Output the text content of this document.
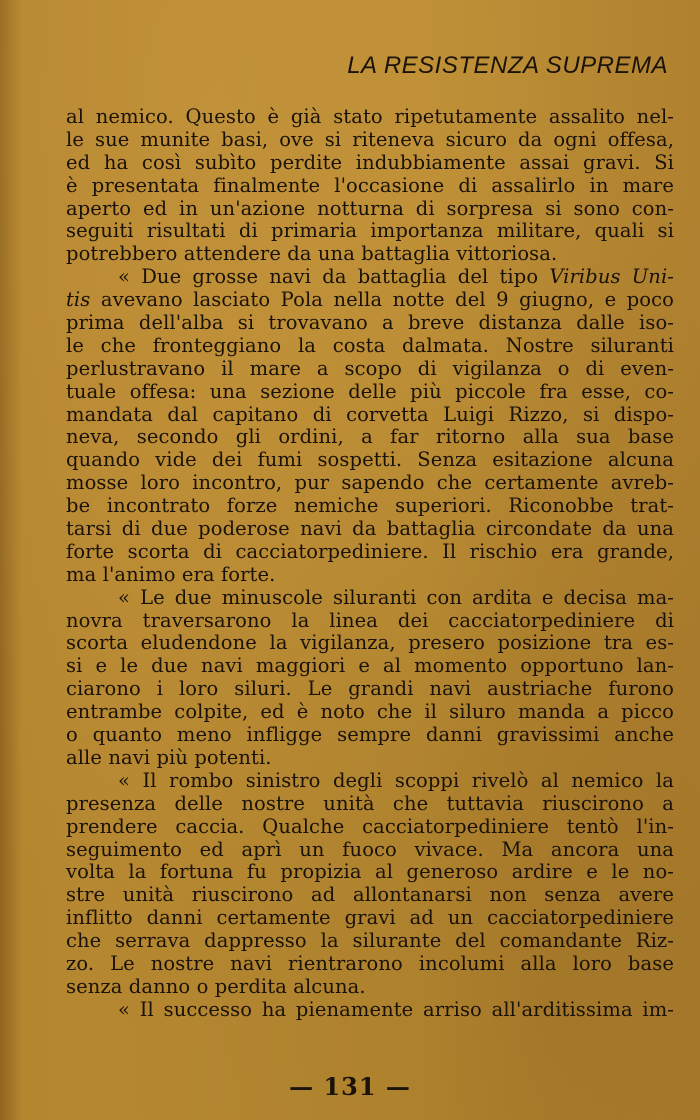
LA RESISTENZA SUPREMA
al nemico. Questo è già stato ripetutamente assalito nel-
le sue munite basi, ove si riteneva sicuro da ogni offesa,
ed ha così subìto perdite indubbiamente assai gravi. Si
è presentata finalmente l'occasione di assalirlo in mare
aperto ed in un'azione notturna di sorpresa si sono con-
seguiti risultati di primaria importanza militare, quali si
potrebbero attendere da una battaglia vittoriosa.
« Due grosse navi da battaglia del tipo Viribus Uni-
tis avevano lasciato Pola nella notte del 9 giugno, e poco
prima dell'alba si trovavano a breve distanza dalle iso-
le che fronteggiano la costa dalmata. Nostre siluranti
perlustravano il mare a scopo di vigilanza o di even-
tuale offesa: una sezione delle più piccole fra esse, co-
mandata dal capitano di corvetta Luigi Rizzo, si dispo-
neva, secondo gli ordini, a far ritorno alla sua base
quando vide dei fumi sospetti. Senza esitazione alcuna
mosse loro incontro, pur sapendo che certamente avreb-
be incontrato forze nemiche superiori. Riconobbe trat-
tarsi di due poderose navi da battaglia circondate da una
forte scorta di cacciatorpediniere. Il rischio era grande,
ma l'animo era forte.
« Le due minuscole siluranti con ardita e decisa ma-
novra traversarono la linea dei cacciatorpediniere di
scorta eludendone la vigilanza, presero posizione tra es-
si e le due navi maggiori e al momento opportuno lan-
ciarono i loro siluri. Le grandi navi austriache furono
entrambe colpite, ed è noto che il siluro manda a picco
o quanto meno infligge sempre danni gravissimi anche
alle navi più potenti.
« Il rombo sinistro degli scoppi rivelò al nemico la
presenza delle nostre unità che tuttavia riuscirono a
prendere caccia. Qualche cacciatorpediniere tentò l'in-
seguimento ed aprì un fuoco vivace. Ma ancora una
volta la fortuna fu propizia al generoso ardire e le no-
stre unità riuscirono ad allontanarsi non senza avere
inflitto danni certamente gravi ad un cacciatorpediniere
che serrava dappresso la silurante del comandante Riz-
zo. Le nostre navi rientrarono incolumi alla loro base
senza danno o perdita alcuna.
« Il successo ha pienamente arriso all'arditissima im-
— 131 —
